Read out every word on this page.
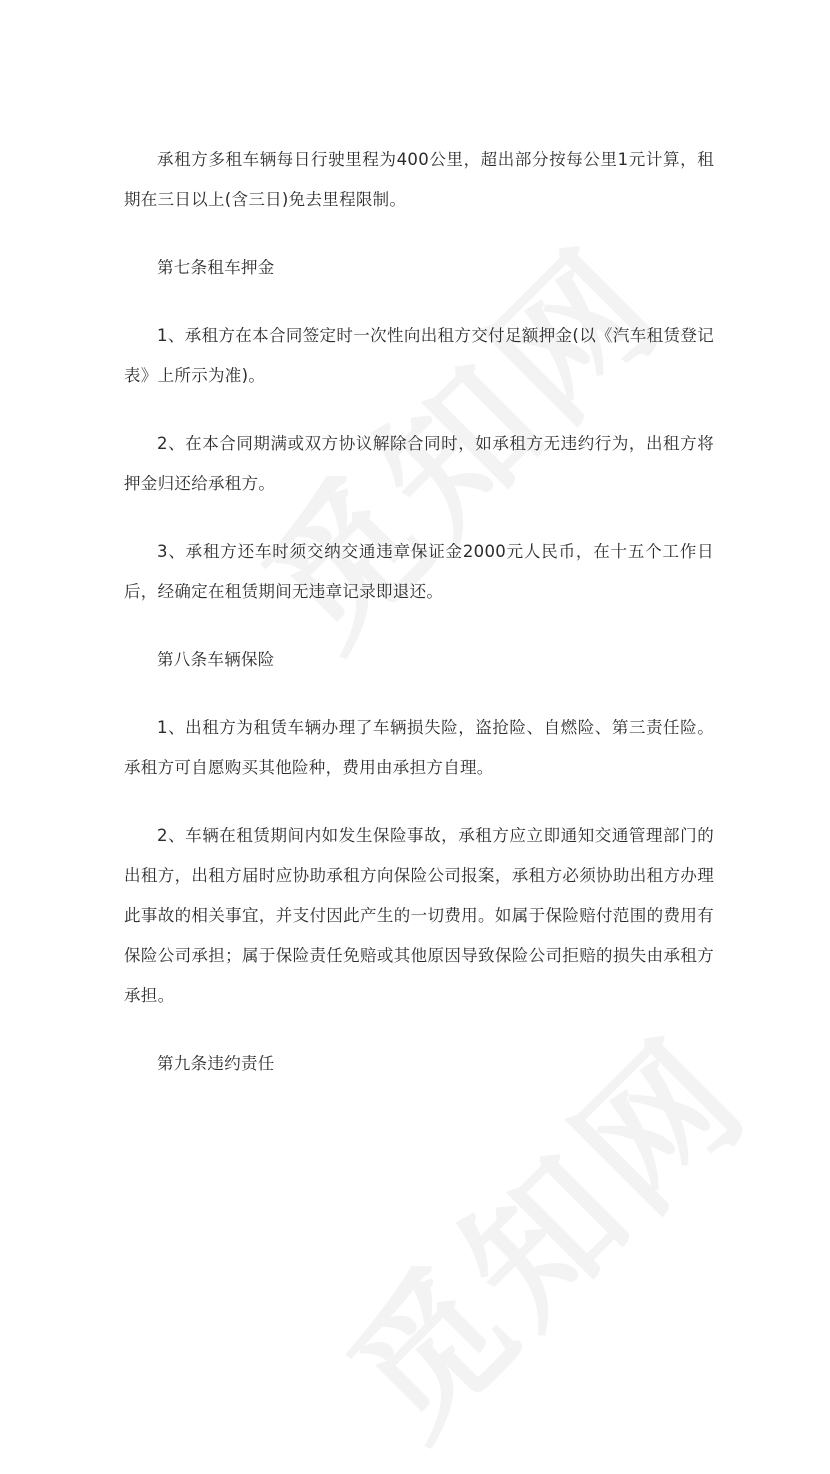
承租方多租车辆每日行驶里程为400公里，超出部分按每公里1元计算，租期在三日以上(含三日)免去里程限制。

第七条租车押金

1、承租方在本合同签定时一次性向出租方交付足额押金(以《汽车租赁登记表》上所示为准)。

2、在本合同期满或双方协议解除合同时，如承租方无违约行为，出租方将押金归还给承租方。

3、承租方还车时须交纳交通违章保证金2000元人民币，在十五个工作日后，经确定在租赁期间无违章记录即退还。

第八条车辆保险

1、出租方为租赁车辆办理了车辆损失险，盗抢险、自燃险、第三责任险。承租方可自愿购买其他险种，费用由承担方自理。

2、车辆在租赁期间内如发生保险事故，承租方应立即通知交通管理部门的出租方，出租方届时应协助承租方向保险公司报案，承租方必须协助出租方办理此事故的相关事宜，并支付因此产生的一切费用。如属于保险赔付范围的费用有保险公司承担；属于保险责任免赔或其他原因导致保险公司拒赔的损失由承租方承担。

第九条违约责任
